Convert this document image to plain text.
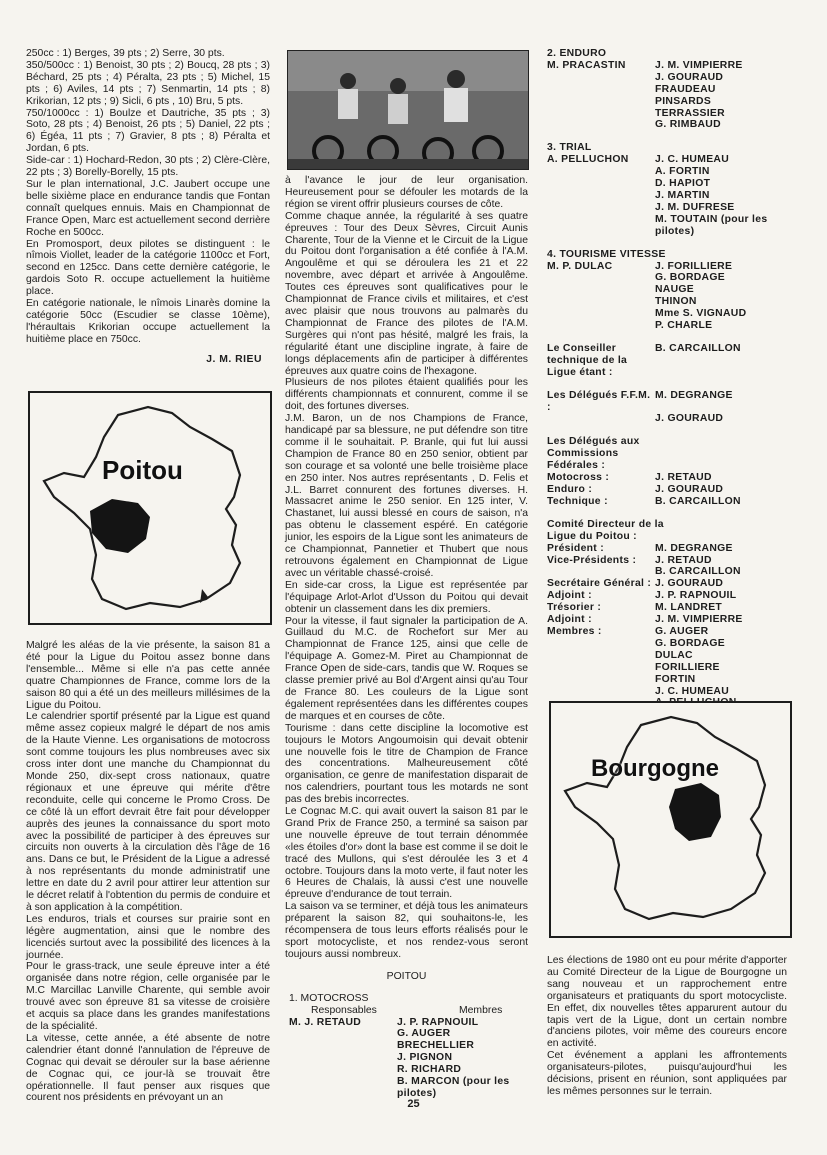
250cc : 1) Berges, 39 pts ; 2) Serre, 30 pts.

350/500cc : 1) Benoist, 30 pts ; 2) Boucq, 28 pts ; 3) Béchard, 25 pts ; 4) Péralta, 23 pts ; 5) Michel, 15 pts ; 6) Aviles, 14 pts ; 7) Senmartin, 14 pts ; 8) Krikorian, 12 pts ; 9) Sicli, 6 pts , 10) Bru, 5 pts.

750/1000cc : 1) Boulze et Dautriche, 35 pts ; 3) Soto, 28 pts ; 4) Benoist, 26 pts ; 5) Daniel, 22 pts ; 6) Égéa, 11 pts ; 7) Gravier, 8 pts ; 8) Péralta et Jordan, 6 pts.

Side-car : 1) Hochard-Redon, 30 pts ; 2) Clère-Clère, 22 pts ; 3) Borelly-Borelly, 15 pts.

Sur le plan international, J.C. Jaubert occupe une belle sixième place en endurance tandis que Fontan connaît quelques ennuis. Mais en Championnat de France Open, Marc est actuellement second derrière Roche en 500cc.

En Promosport, deux pilotes se distinguent : le nîmois Viollet, leader de la catégorie 1100cc et Fort, second en 125cc. Dans cette dernière catégorie, le gardois Soto R. occupe actuellement la huitième place.

En catégorie nationale, le nîmois Linarès domine la catégorie 50cc (Escudier se classe 10ème), l'héraultais Krikorian occupe actuellement la huitième place en 750cc.

J. M. RIEU
Poitou

Malgré les aléas de la vie présente, la saison 81 a été pour la Ligue du Poitou assez bonne dans l'ensemble... Même si elle n'a pas cette année quatre Championnes de France, comme lors de la saison 80 qui a été un des meilleurs millésimes de la Ligue du Poitou.

Le calendrier sportif présenté par la Ligue est quand même assez copieux malgré le départ de nos amis de la Haute Vienne. Les organisations de motocross sont comme toujours les plus nombreuses avec six cross inter dont une manche du Championnat du Monde 250, dix-sept cross nationaux, quatre régionaux et une épreuve qui mérite d'être reconduite, celle qui concerne le Promo Cross. De ce côté là un effort devrait être fait pour développer auprès des jeunes la connaissance du sport moto avec la possibilité de participer à des épreuves sur circuits non ouverts à la circulation dès l'âge de 16 ans. Dans ce but, le Président de la Ligue a adressé à nos représentants du monde administratif une lettre en date du 2 avril pour attirer leur attention sur le décret relatif à l'obtention du permis de conduire et à son application à la compétition.

Les enduros, trials et courses sur prairie sont en légère augmentation, ainsi que le nombre des licenciés surtout avec la possibilité des licences à la journée.

Pour le grass-track, une seule épreuve inter a été organisée dans notre région, celle organisée par le M.C Marcillac Lanville Charente, qui semble avoir trouvé avec son épreuve 81 sa vitesse de croisière et acquis sa place dans les grandes manifestations de la spécialité.

La vitesse, cette année, a été absente de notre calendrier étant donné l'annulation de l'épreuve de Cognac qui devait se dérouler sur la base aérienne de Cognac qui, ce jour-là se trouvait être opérationnelle. Il faut penser aux risques que courent nos présidents en prévoyant un an

à l'avance le jour de leur organisation. Heureusement pour se défouler les motards de la région se virent offrir plusieurs courses de côte.

Comme chaque année, la régularité à ses quatre épreuves : Tour des Deux Sèvres, Circuit Aunis Charente, Tour de la Vienne et le Circuit de la Ligue du Poitou dont l'organisation a été confiée à l'A.M. Angoulême et qui se déroulera les 21 et 22 novembre, avec départ et arrivée à Angoulême. Toutes ces épreuves sont qualificatives pour le Championnat de France civils et militaires, et c'est avec plaisir que nous trouvons au palmarès du Championnat de France des pilotes de l'A.M. Surgères qui n'ont pas hésité, malgré les frais, la régularité étant une discipline ingrate, à faire de longs déplacements afin de participer à différentes épreuves aux quatre coins de l'hexagone.

Plusieurs de nos pilotes étaient qualifiés pour les différents championnats et connurent, comme il se doit, des fortunes diverses.

J.M. Baron, un de nos Champions de France, handicapé par sa blessure, ne put défendre son titre comme il le souhaitait. P. Branle, qui fut lui aussi Champion de France 80 en 250 senior, obtient par son courage et sa volonté une belle troisième place en 250 inter. Nos autres représentants , D. Felis et J.L. Barret connurent des fortunes diverses. H. Massacret anime le 250 senior. En 125 inter, V. Chastanet, lui aussi blessé en cours de saison, n'a pas obtenu le classement espéré. En catégorie junior, les espoirs de la Ligue sont les animateurs de ce Championnat, Pannetier et Thubert que nous retrouvons également en Championnat de Ligue avec un véritable chassé-croisé.

En side-car cross, la Ligue est représentée par l'équipage Arlot-Arlot d'Usson du Poitou qui devait obtenir un classement dans les dix premiers.

Pour la vitesse, il faut signaler la participation de A. Guillaud du M.C. de Rochefort sur Mer au Championnat de France 125, ainsi que celle de l'équipage A. Gomez-M. Piret au Championnat de France Open de side-cars, tandis que W. Roques se classe premier privé au Bol d'Argent ainsi qu'au Tour de France 80. Les couleurs de la Ligue sont également représentées dans les différentes coupes de marques et en courses de côte.

Tourisme : dans cette discipline la locomotive est toujours le Motors Angoumoisin qui devait obtenir une nouvelle fois le titre de Champion de France des concentrations. Malheureusement côté organisation, ce genre de manifestation disparait de nos calendriers, pourtant tous les motards ne sont pas des brebis incorrectes.

Le Cognac M.C. qui avait ouvert la saison 81 par le Grand Prix de France 250, a terminé sa saison par une nouvelle épreuve de tout terrain dénommée «les étoiles d'or» dont la base est comme il se doit le tracé des Mullons, qui s'est déroulée les 3 et 4 octobre. Toujours dans la moto verte, il faut noter les 6 Heures de Chalais, là aussi c'est une nouvelle épreuve d'endurance de tout terrain.

La saison va se terminer, et déjà tous les animateurs préparent la saison 82, qui souhaitons-le, les récompensera de tous leurs efforts réalisés pour le sport motocycliste, et nos rendez-vous seront toujours aussi nombreux.

POITOU
1. MOTOCROSS
Responsables	Membres
M. J. RETAUD	J. P. RAPNOUIL
	G. AUGER
	BRECHELLIER
	J. PIGNON
	R. RICHARD
	B. MARCON (pour les pilotes)
2. ENDURO
M. PRACASTIN	J. M. VIMPIERRE
	J. GOURAUD
	FRAUDEAU
	PINSARDS
	TERRASSIER
	G. RIMBAUD
3. TRIAL
A. PELLUCHON	J. C. HUMEAU
	A. FORTIN
	D. HAPIOT
	J. MARTIN
	J. M. DUFRESE
	M. TOUTAIN (pour les pilotes)
4. TOURISME VITESSE
M. P. DULAC	J. FORILLIERE
	G. BORDAGE
	NAUGE
	THINON
	Mme S. VIGNAUD
	P. CHARLE
Le Conseiller technique de la Ligue étant :	B. CARCAILLON
Les Délégués F.F.M. :	M. DEGRANGE
	J. GOURAUD
Les Délégués aux Commissions Fédérales :
Motocross :	J. RETAUD
Enduro :	J. GOURAUD
Technique :	B. CARCAILLON
Comité Directeur de la Ligue du Poitou :
Président :	M. DEGRANGE
Vice-Présidents :	J. RETAUD
	B. CARCAILLON
Secrétaire Général :	J. GOURAUD
Adjoint :	J. P. RAPNOUIL
Trésorier :	M. LANDRET
Adjoint :	J. M. VIMPIERRE
Membres :	G. AUGER
	G. BORDAGE
	DULAC
	FORILLIERE
	FORTIN
	J. C. HUMEAU

Bourgogne

Les élections de 1980 ont eu pour mérite d'apporter au Comité Directeur de la Ligue de Bourgogne un sang nouveau et un rapprochement entre organisateurs et pratiquants du sport motocycliste. En effet, dix nouvelles têtes apparurent autour du tapis vert de la Ligue, dont un certain nombre d'anciens pilotes, voir même des coureurs encore en activité.

Cet événement a applani les affrontements organisateurs-pilotes, puisqu'aujourd'hui les décisions, prisent en réunion, sont appliquées par les mêmes personnes sur le terrain.

25
